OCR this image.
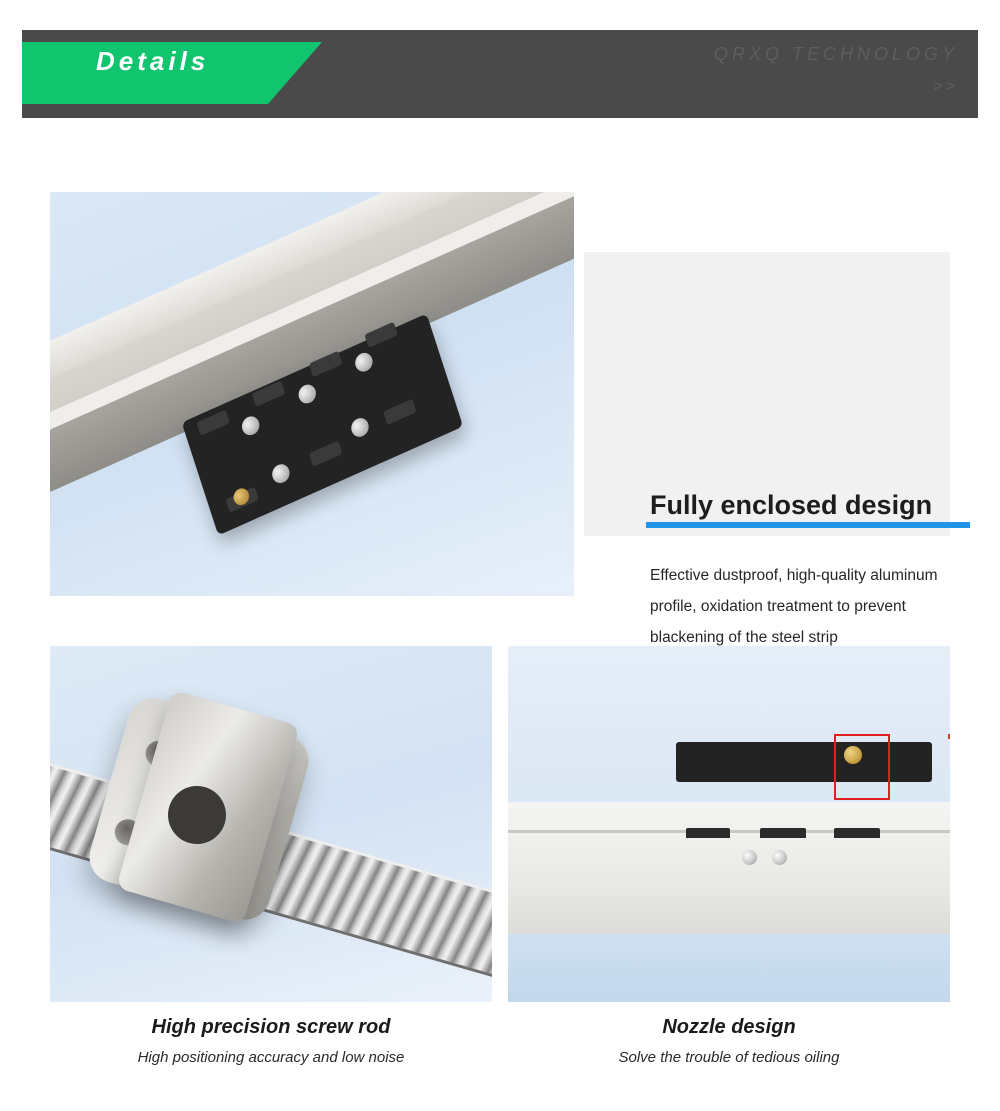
Details	QRXQ TECHNOLOGY
>>
Fully enclosed design
Effective dustproof, high-quality aluminum profile, oxidation treatment to prevent blackening of the steel strip
High precision screw rod
High positioning accuracy and low noise
Nozzle design
Solve the trouble of tedious oiling
